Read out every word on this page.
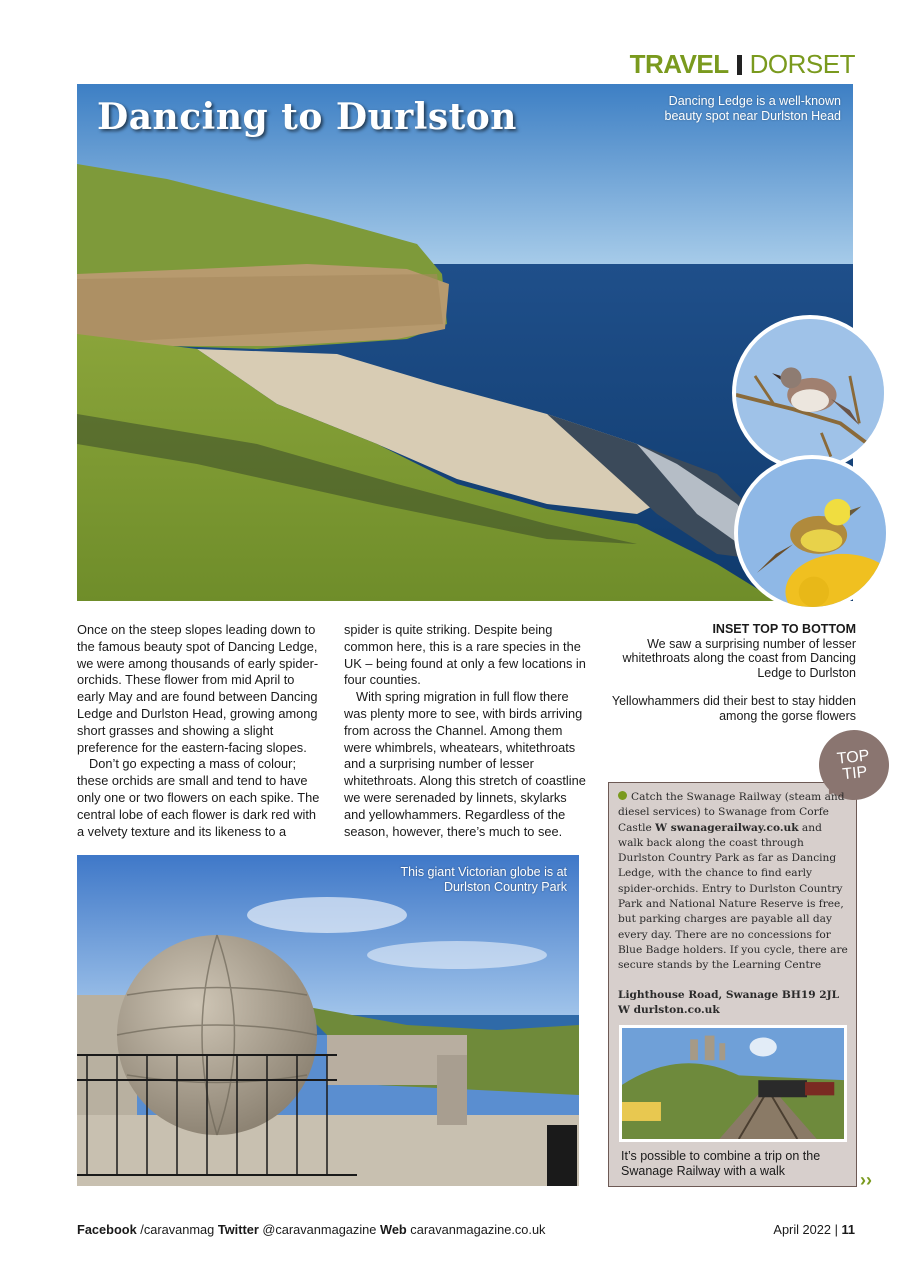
TRAVEL DORSET
Dancing to Durlston	Dancing Ledge is a well-known beauty spot near Durlston Head

Once on the steep slopes leading down to the famous beauty spot of Dancing Ledge, we were among thousands of early spider-orchids. These flower from mid April to early May and are found between Dancing Ledge and Durlston Head, growing among short grasses and showing a slight preference for the eastern-facing slopes.

Don’t go expecting a mass of colour; these orchids are small and tend to have only one or two flowers on each spike. The central lobe of each flower is dark red with a velvety texture and its likeness to a

spider is quite striking. Despite being common here, this is a rare species in the UK – being found at only a few locations in four counties.

With spring migration in full flow there was plenty more to see, with birds arriving from across the Channel. Among them were whimbrels, wheatears, whitethroats and a surprising number of lesser whitethroats. Along this stretch of coastline we were serenaded by linnets, skylarks and yellowhammers. Regardless of the season, however, there’s much to see.

INSET TOP TO BOTTOM
We saw a surprising number of lesser whitethroats along the coast from Dancing Ledge to Durlston
Yellowhammers did their best to stay hidden among the gorse flowers
This giant Victorian globe is at Durlston Country Park
TOP
TIP
Catch the Swanage Railway (steam and diesel services) to Swanage from Corfe Castle W swanagerailway.co.uk and walk back along the coast through Durlston Country Park as far as Dancing Ledge, with the chance to find early spider-orchids. Entry to Durlston Country Park and National Nature Reserve is free, but parking charges are payable all day every day. There are no concessions for Blue Badge holders. If you cycle, there are secure stands by the Learning Centre
Lighthouse Road, Swanage BH19 2JL
W durlston.co.uk
It’s possible to combine a trip on the Swanage Railway with a walk	››
Facebook /caravanmag Twitter @caravanmagazine Web caravanmagazine.co.uk	April 2022 | 11
